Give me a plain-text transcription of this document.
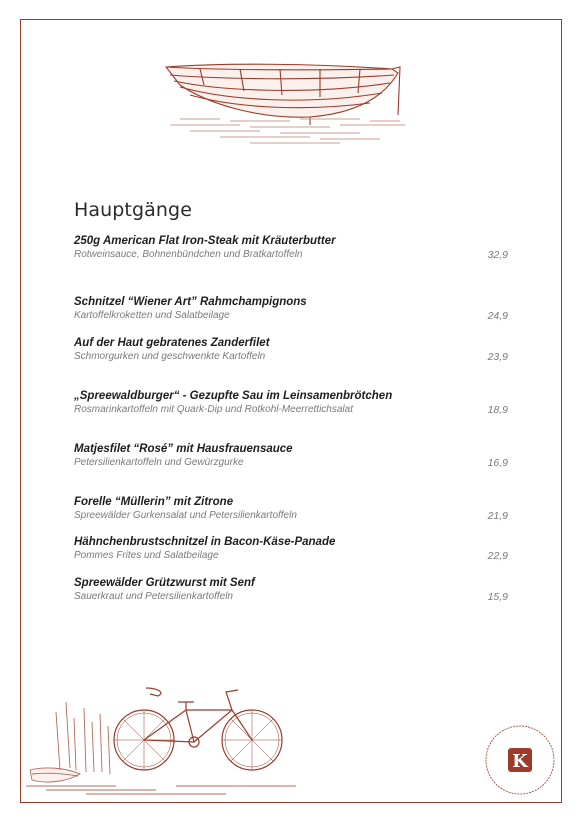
Hauptgänge
250g American Flat Iron-Steak mit Kräuterbutter
Rotweinsauce, Bohnenbündchen und Bratkartoffeln	32,9
Schnitzel “Wiener Art” Rahmchampignons
Kartoffelkroketten und Salatbeilage	24,9
Auf der Haut gebratenes Zanderfilet
Schmorgurken und geschwenkte Kartoffeln	23,9
„Spreewaldburger“ - Gezupfte Sau im Leinsamenbrötchen
Rosmarinkartoffeln mit Quark-Dip und Rotkohl-Meerrettichsalat	18,9
Matjesfilet “Rosé” mit Hausfrauensauce
Petersilienkartoffeln und Gewürzgurke	16,9
Forelle “Müllerin” mit Zitrone
Spreewälder Gurkensalat und Petersilienkartoffeln	21,9
Hähnchenbrustschnitzel in Bacon-Käse-Panade
Pommes Frites und Salatbeilage	22,9
Spreewälder Grützwurst mit Senf
Sauerkraut und Petersilienkartoffeln	15,9
K
